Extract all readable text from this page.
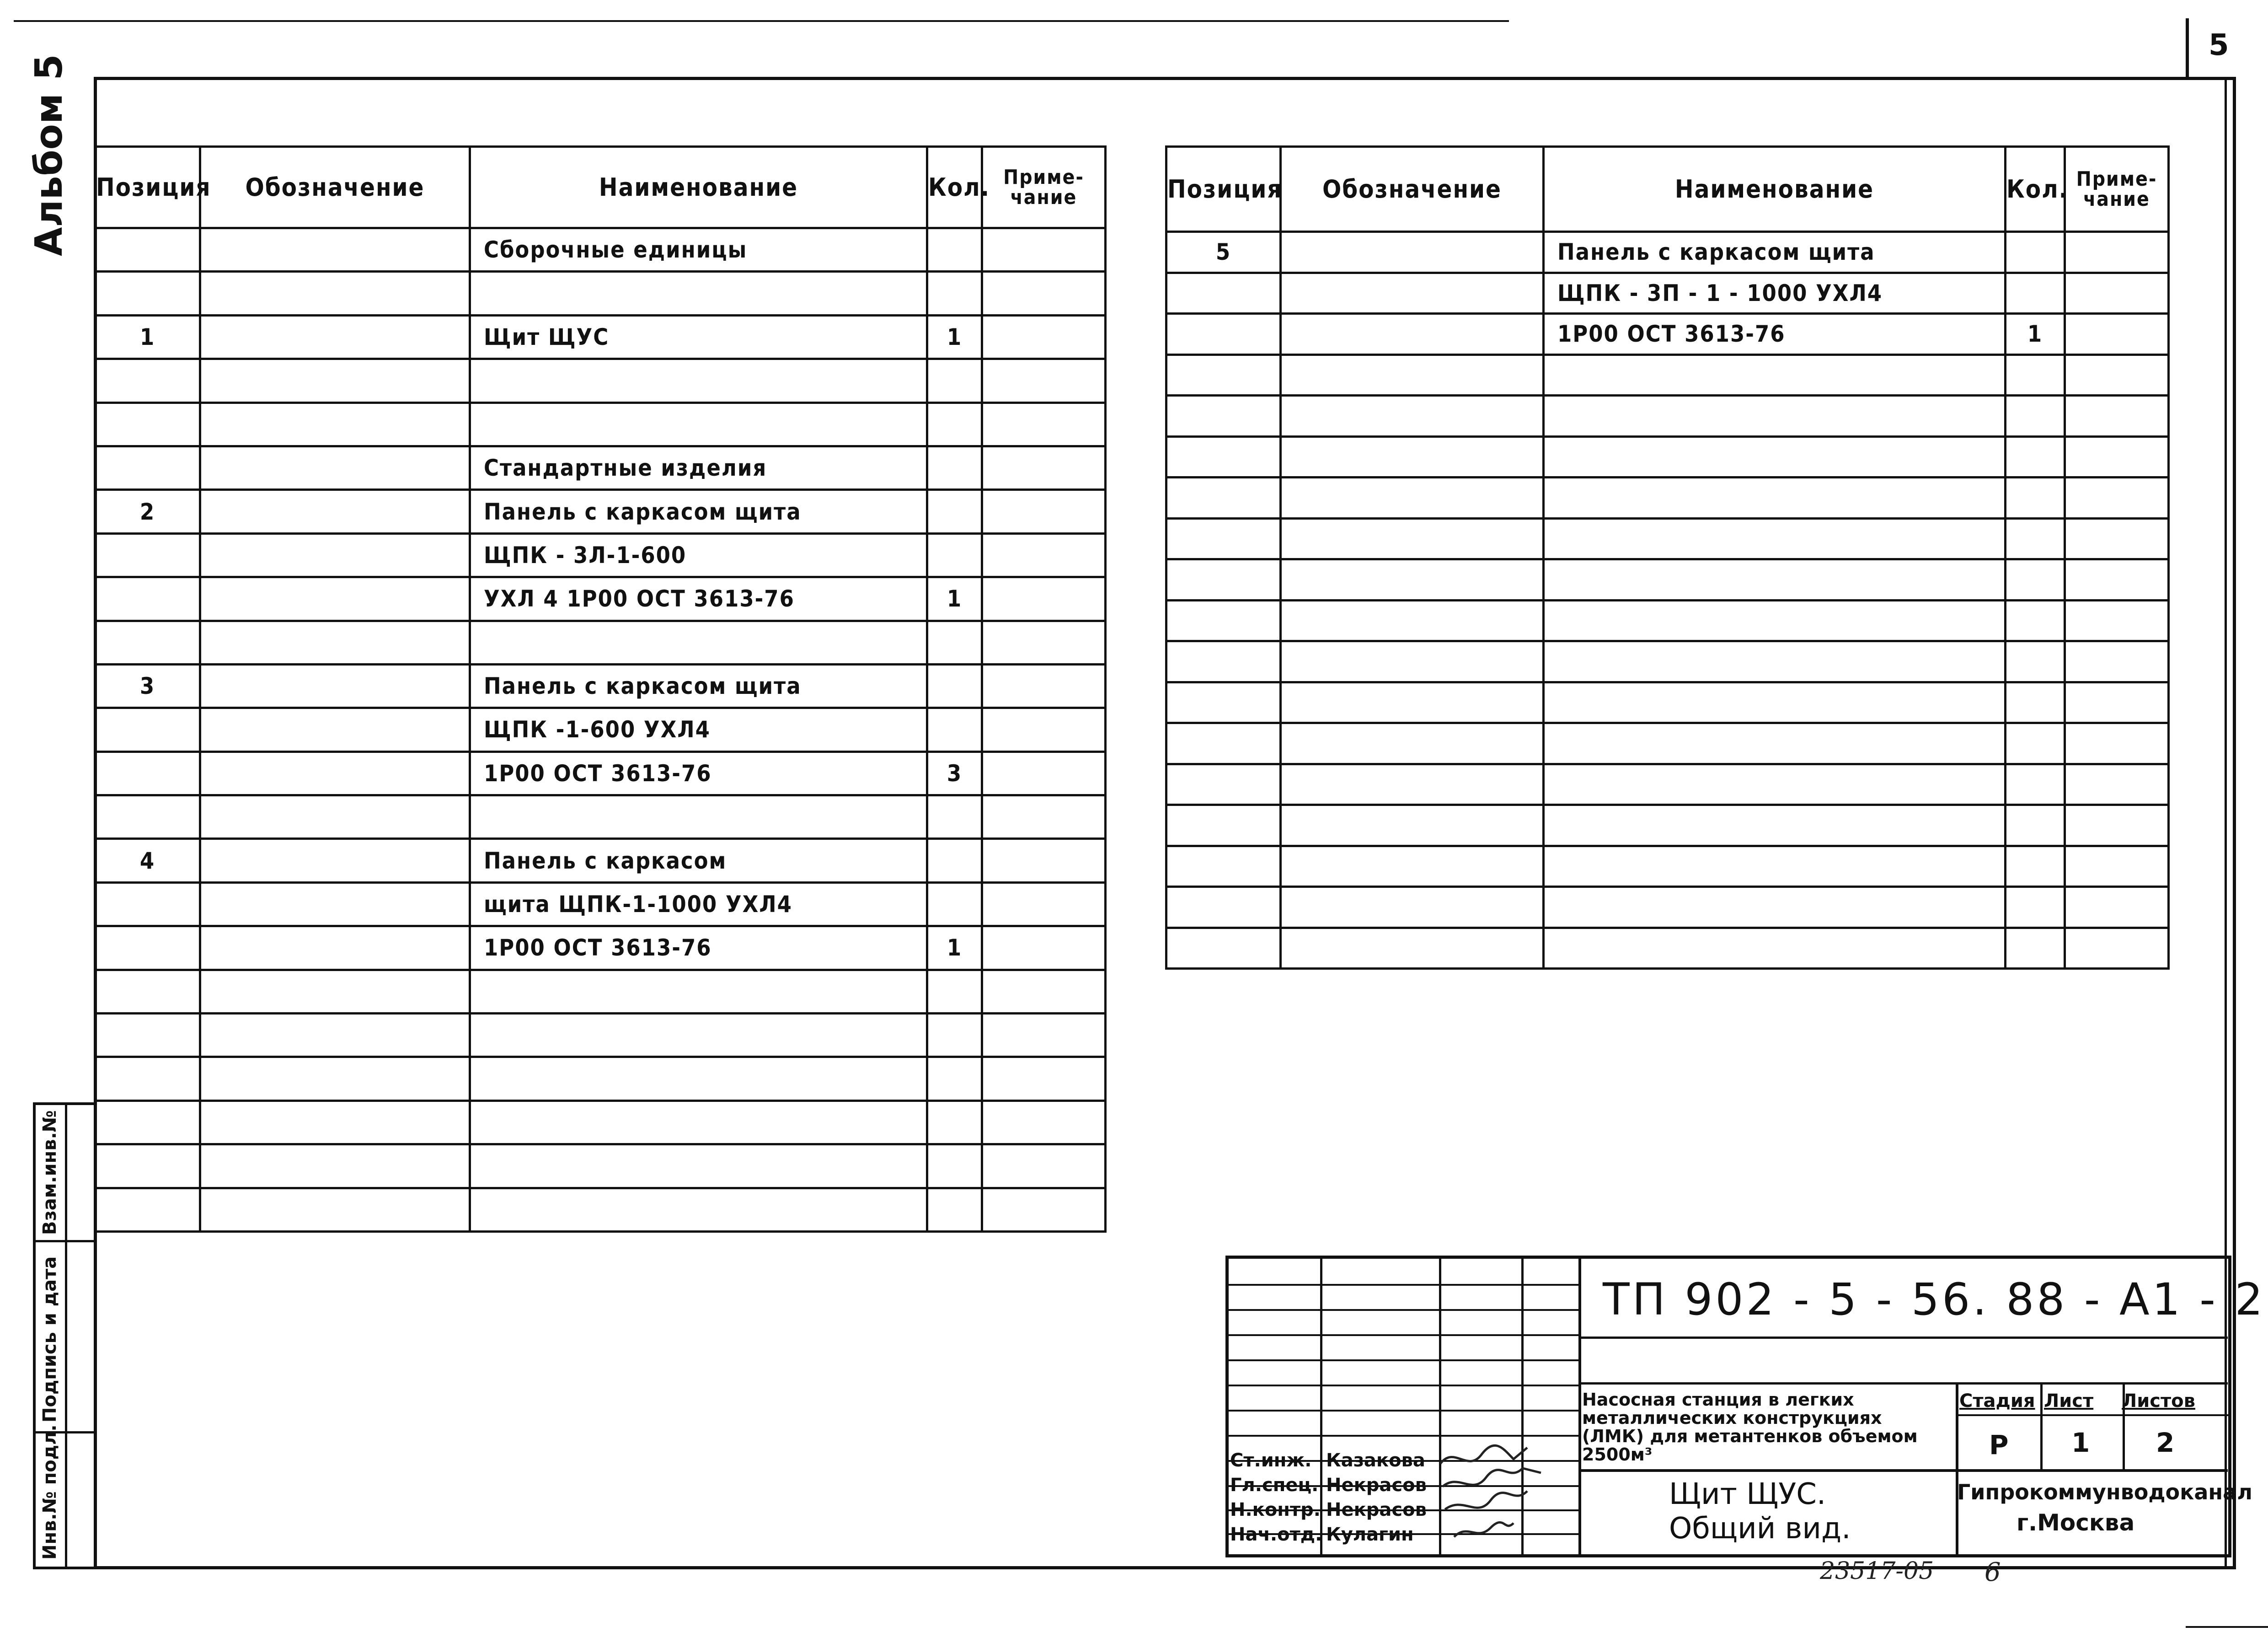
5
Альбом 5 Позиция	Обозначение	Наименование	Кол.	Приме-
чание
		Сборочные единицы		

1		Щит ЩУС	1	

		Стандартные изделия		
2		Панель с каркасом щита		
		ЩПК - 3Л-1-600		
		УХЛ 4 1Р00 ОСТ 3613-76	1	

3		Панель с каркасом щита		
		ЩПК -1-600 УХЛ4		
		1Р00 ОСТ 3613-76	3	

4		Панель с каркасом		
		щита ЩПК-1-1000 УХЛ4		
		1Р00 ОСТ 3613-76	1	

Позиция	Обозначение	Наименование	Кол.	Приме-
чание
5		Панель с каркасом щита		
		ЩПК - 3П - 1 - 1000 УХЛ4		
		1Р00 ОСТ 3613-76	1	

Взам.инв.№
Подпись и дата
Инв.№ подл.
ТП 902 - 5 - 56. 88 - А1 - 2
Насосная станция в легких металлических конструкциях (ЛМК) для метантенков объемом 2500м³
Стадия Лист Листов
Р 1 2
Щит ЩУС.
Общий вид.
Гипрокоммунводоканал
г.Москва
Ст.инж. Казакова
Гл.спец. Некрасов
Н.контр. Некрасов
Нач.отд. Кулагин
23517-05 6
